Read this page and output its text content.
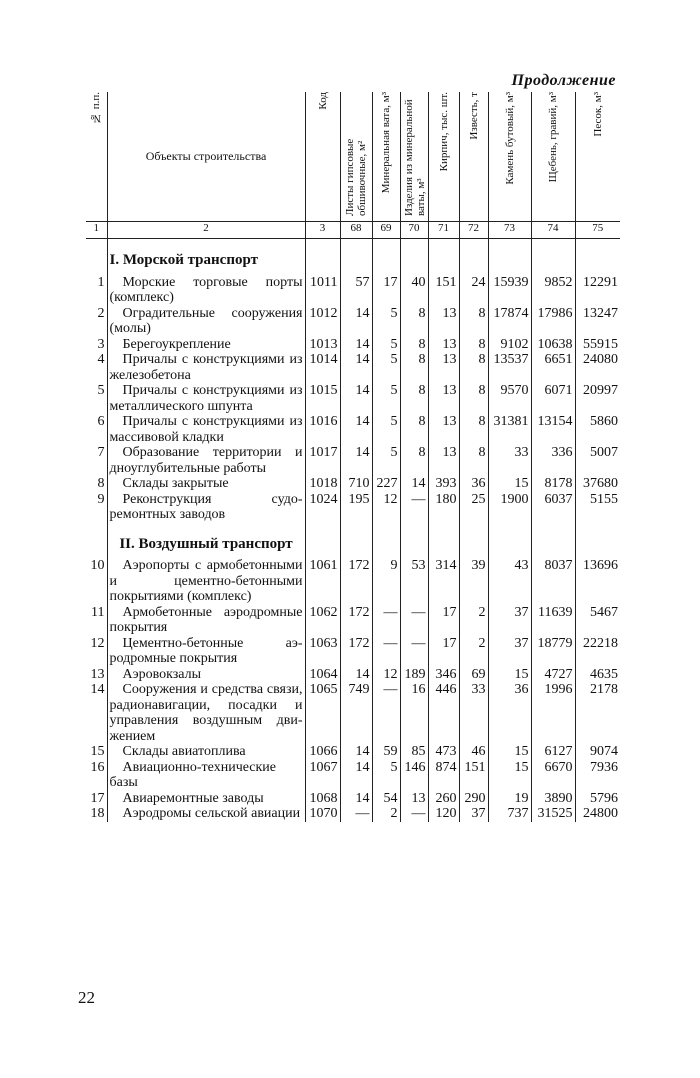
Продолжение
№ п.п.	Объекты строительства	Код	Листы гипсовые обшивочные, м²	Минеральная вата, м³	Изделия из минеральной ваты, м³	Кирпич, тыс. шт.	Известь, т	Камень бутовый, м³	Щебень, гравий, м³	Песок, м³
1	2	3	68	69	70	71	72	73	74	75
	I. Морской транспорт									
1	Морские торговые порты (комплекс)	1011	57	17	40	151	24	15939	9852	12291
2	Оградительные сооружения (молы)	1012	14	5	8	13	8	17874	17986	13247
3	Берегоукрепление	1013	14	5	8	13	8	9102	10638	55915
4	Причалы с конструкциями из железобетона	1014	14	5	8	13	8	13537	6651	24080
5	Причалы с конструкциями из металлического шпунта	1015	14	5	8	13	8	9570	6071	20997
6	Причалы с конструкциями из массивовой кладки	1016	14	5	8	13	8	31381	13154	5860
7	Образование территории и дноуглубительные работы	1017	14	5	8	13	8	33	336	5007
8	Склады закрытые	1018	710	227	14	393	36	15	8178	37680
9	Реконструкция судоремонтных заводов	1024	195	12	—	180	25	1900	6037	5155
	II. Воздушный транспорт									
10	Аэропорты с армобетонными и цементно-бетонными покрытиями (комплекс)	1061	172	9	53	314	39	43	8037	13696
11	Армобетонные аэродромные покрытия	1062	172	—	—	17	2	37	11639	5467
12	Цементно-бетонные аэродромные покрытия	1063	172	—	—	17	2	37	18779	22218
13	Аэровокзалы	1064	14	12	189	346	69	15	4727	4635
14	Сооружения и средства связи, радионавигации, посадки и управления воздушным движением	1065	749	—	16	446	33	36	1996	2178
15	Склады авиатоплива	1066	14	59	85	473	46	15	6127	9074
16	Авиационно-технические базы	1067	14	5	146	874	151	15	6670	7936
17	Авиаремонтные заводы	1068	14	54	13	260	290	19	3890	5796
18	Аэродромы сельской авиации	1070	—	2	—	120	37	737	31525	24800
22
